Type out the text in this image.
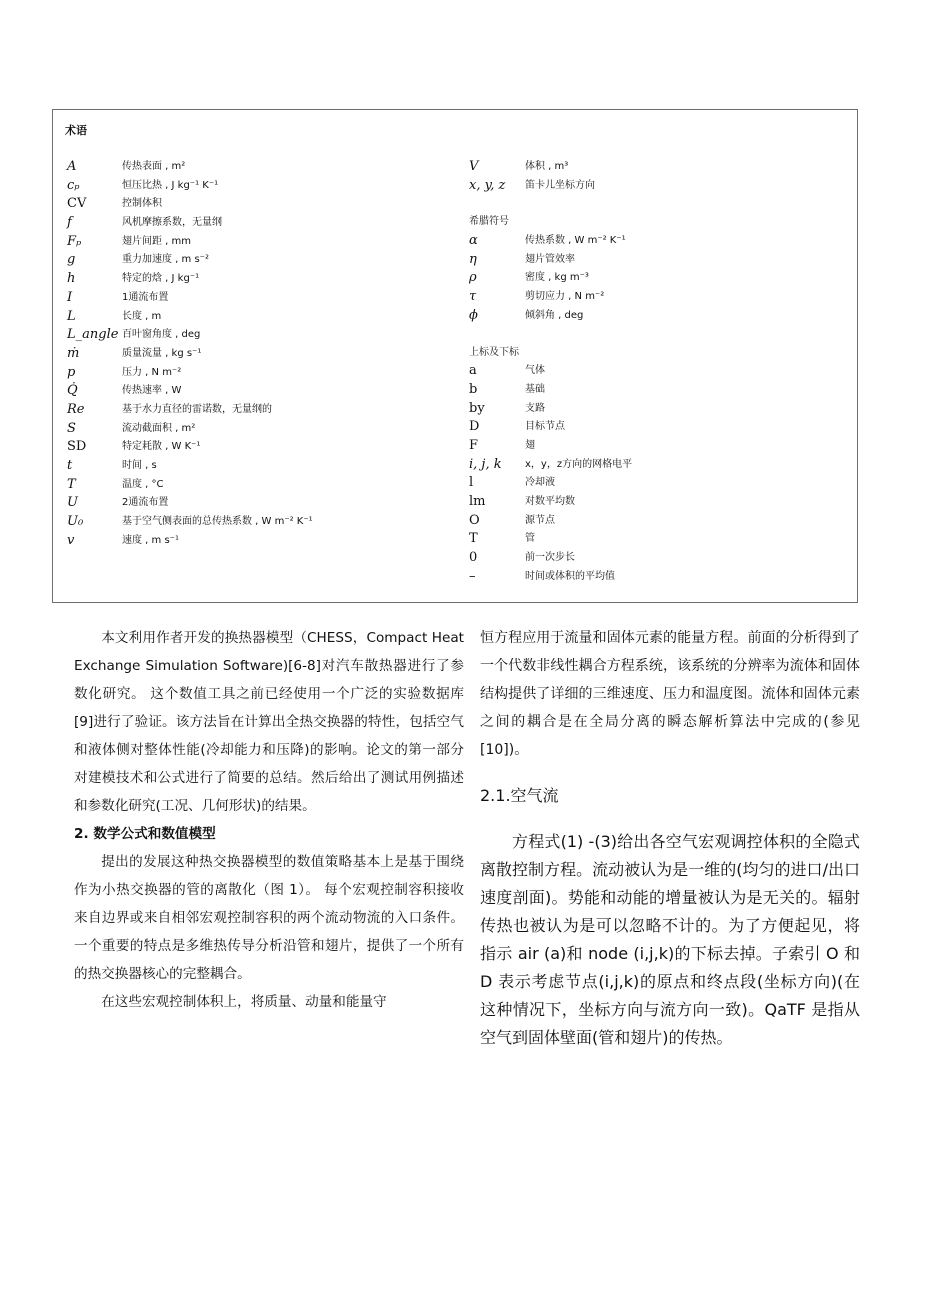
术语
A	传热表面 , m²
cₚ	恒压比热 , J kg⁻¹ K⁻¹
CV	控制体积
f	风机摩擦系数，无量纲
Fₚ	翅片间距 , mm
g	重力加速度 , m s⁻²
h	特定的焓 , J kg⁻¹
I	1通流布置
L	长度 , m
L_angle 百叶窗角度 , deg
ṁ	质量流量 , kg s⁻¹
p	压力 , N m⁻²
Q̇	传热速率 , W
Re	基于水力直径的雷诺数，无量纲的
S	流动截面积 , m²
SD	特定耗散 , W K⁻¹
t	时间 , s
T	温度 , °C
U	2通流布置
U₀	基于空气侧表面的总传热系数 , W m⁻² K⁻¹
v	速度 , m s⁻¹
V	体积 , m³
x, y, z 笛卡儿坐标方向
希腊符号
α	传热系数 , W m⁻² K⁻¹
η	翅片管效率
ρ	密度 , kg m⁻³
τ	剪切应力 , N m⁻²
ϕ	倾斜角 , deg
上标及下标
a	气体
b	基础
by	支路
D	目标节点
F	翅
i, j, k x，y，z方向的网格电平
l	冷却液
lm	对数平均数
O	源节点
T	管
0	前一次步长
–	时间或体积的平均值

本文利用作者开发的换热器模型（CHESS，Compact Heat Exchange Simulation Software)[6-8]对汽车散热器进行了参数化研究。 这个数值工具之前已经使用一个广泛的实验数据库[9]进行了验证。该方法旨在计算出全热交换器的特性，包括空气和液体侧对整体性能(冷却能力和压降)的影响。论文的第一部分对建模技术和公式进行了简要的总结。然后给出了测试用例描述和参数化研究(工况、几何形状)的结果。

2. 数学公式和数值模型

提出的发展这种热交换器模型的数值策略基本上是基于围绕作为小热交换器的管的离散化（图 1）。 每个宏观控制容积接收来自边界或来自相邻宏观控制容积的两个流动物流的入口条件。 一个重要的特点是多维热传导分析沿管和翅片，提供了一个所有的热交换器核心的完整耦合。

在这些宏观控制体积上，将质量、动量和能量守

恒方程应用于流量和固体元素的能量方程。前面的分析得到了一个代数非线性耦合方程系统，该系统的分辨率为流体和固体结构提供了详细的三维速度、压力和温度图。流体和固体元素之间的耦合是在全局分离的瞬态解析算法中完成的(参见[10])。

2.1.空气流

方程式(1) -(3)给出各空气宏观调控体积的全隐式离散控制方程。流动被认为是一维的(均匀的进口/出口速度剖面)。势能和动能的增量被认为是无关的。辐射传热也被认为是可以忽略不计的。为了方便起见，将指示 air (a)和 node (i,j,k)的下标去掉。子索引 O 和 D 表示考虑节点(i,j,k)的原点和终点段(坐标方向)(在这种情况下，坐标方向与流方向一致)。QaTF 是指从空气到固体壁面(管和翅片)的传热。
